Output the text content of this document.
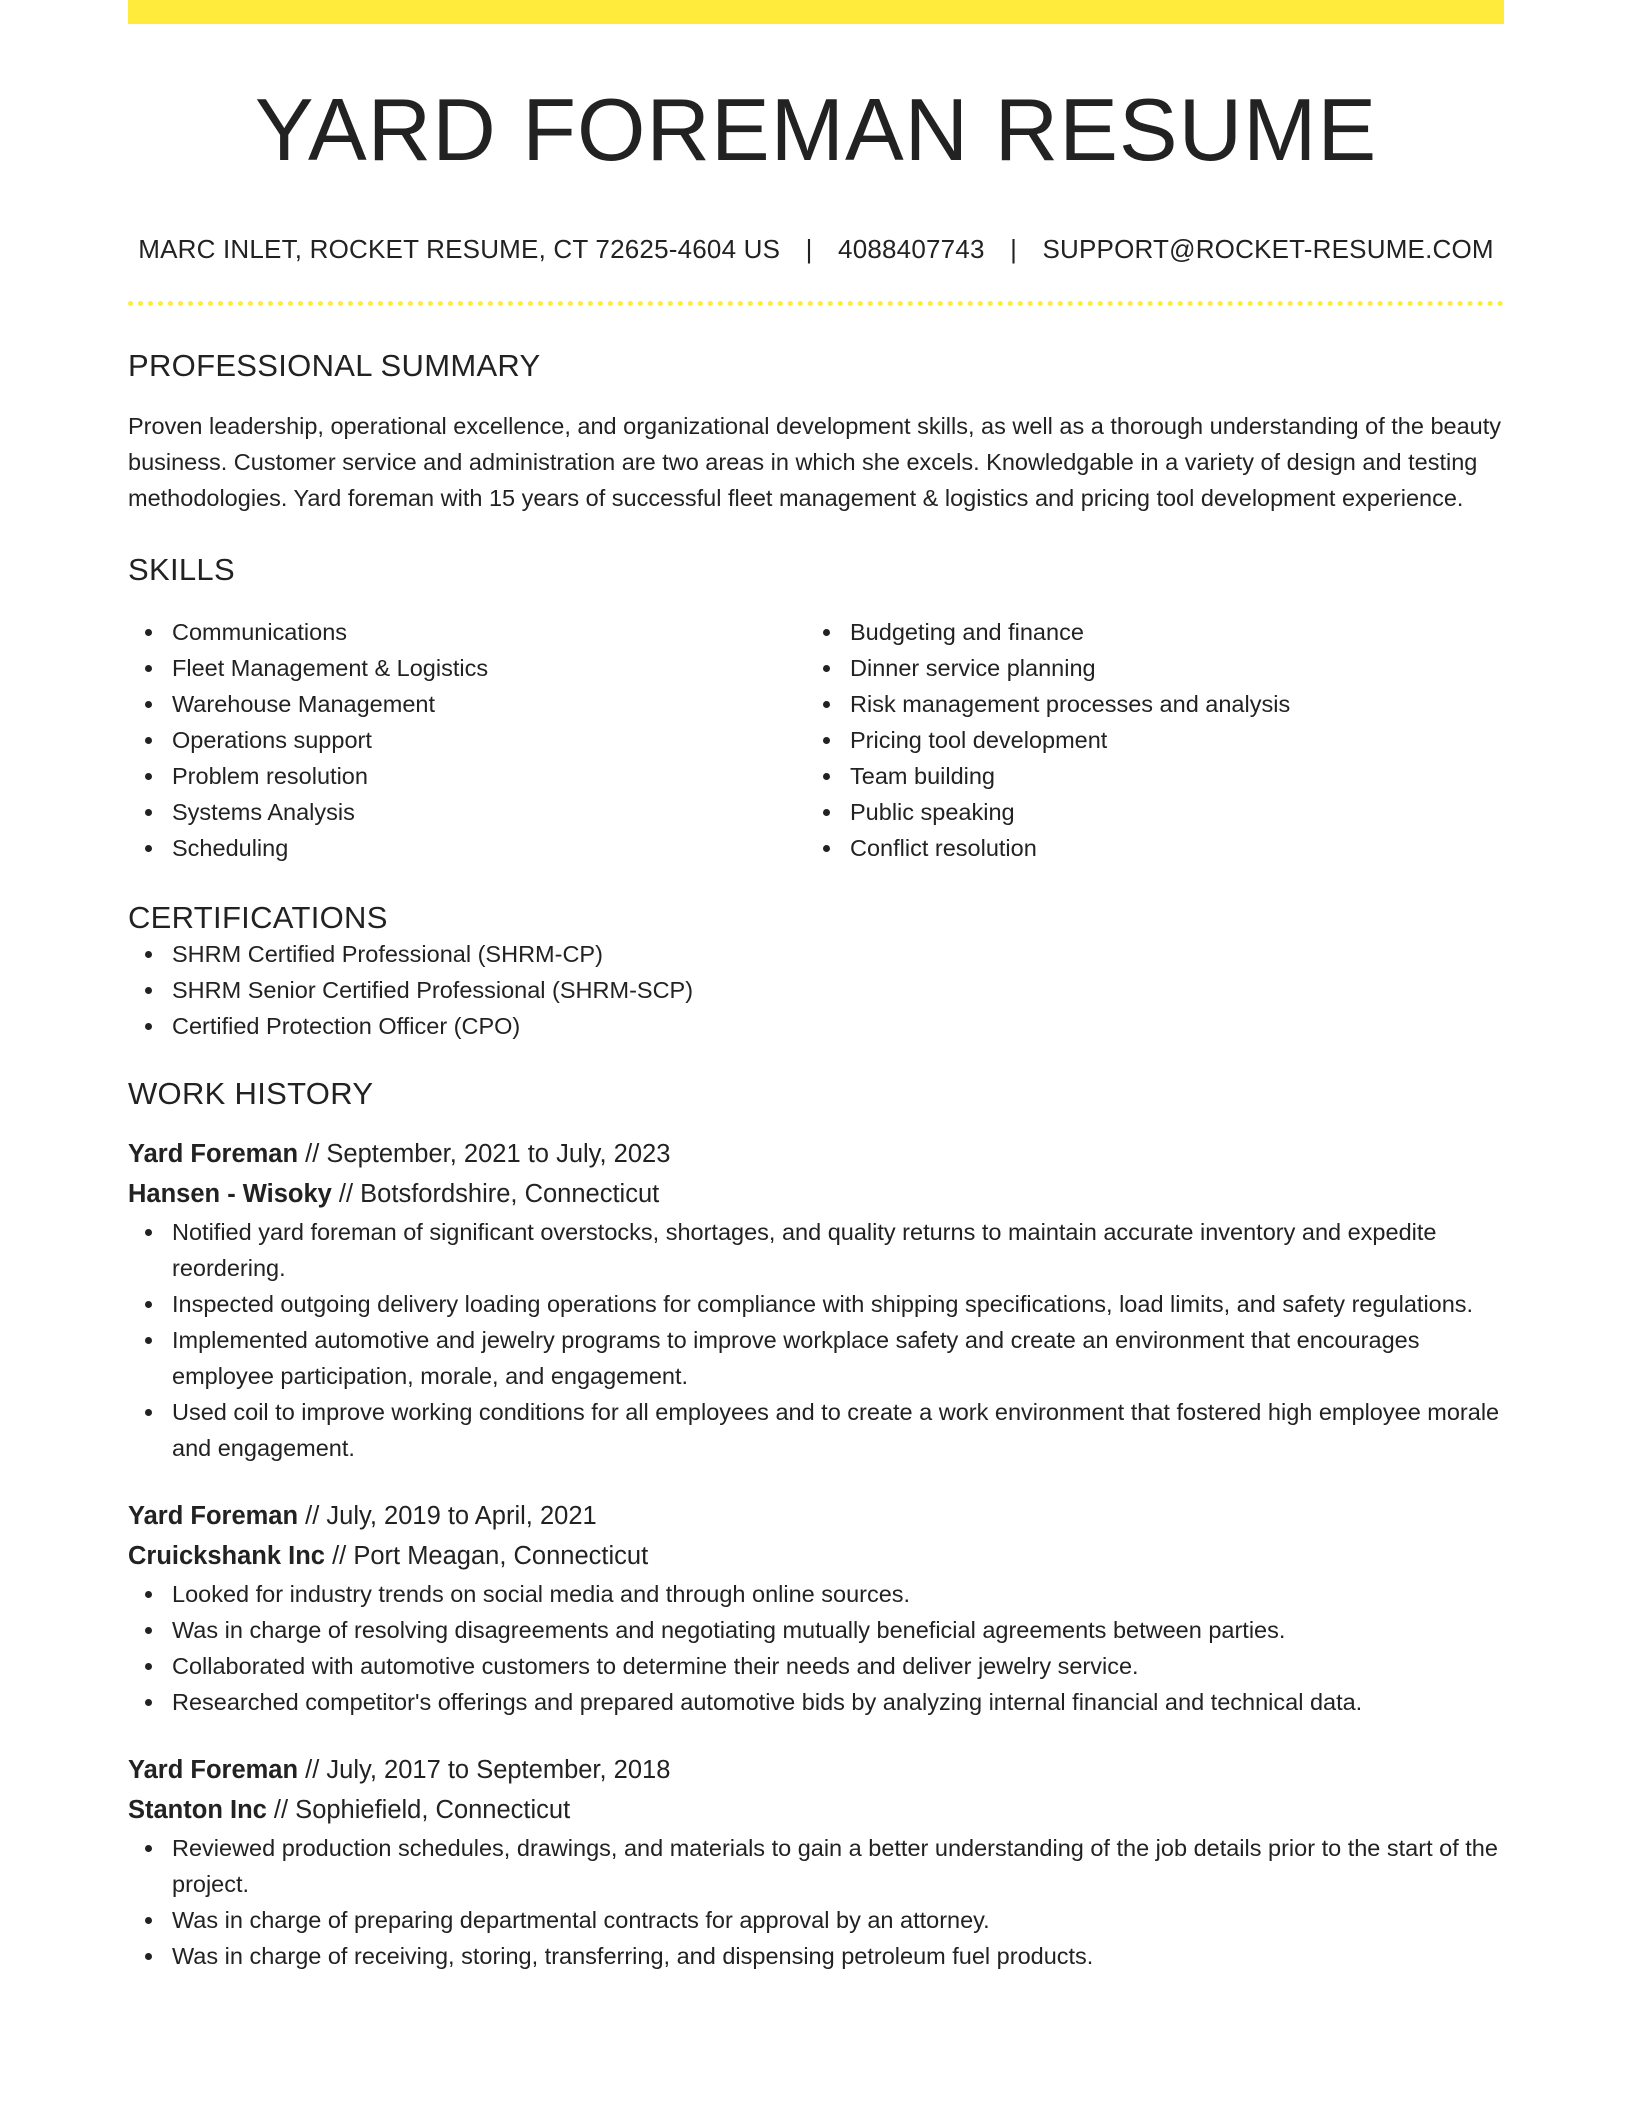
YARD FOREMAN RESUME
MARC INLET, ROCKET RESUME, CT 72625-4604 US | 4088407743 | SUPPORT@ROCKET-RESUME.COM
PROFESSIONAL SUMMARY
Proven leadership, operational excellence, and organizational development skills, as well as a thorough understanding of the beauty business. Customer service and administration are two areas in which she excels. Knowledgable in a variety of design and testing methodologies. Yard foreman with 15 years of successful fleet management & logistics and pricing tool development experience.
SKILLS
Communications
Fleet Management & Logistics
Warehouse Management
Operations support
Problem resolution
Systems Analysis
Scheduling
Budgeting and finance
Dinner service planning
Risk management processes and analysis
Pricing tool development
Team building
Public speaking
Conflict resolution
CERTIFICATIONS
SHRM Certified Professional (SHRM-CP)
SHRM Senior Certified Professional (SHRM-SCP)
Certified Protection Officer (CPO)
WORK HISTORY
Yard Foreman // September, 2021 to July, 2023
Hansen - Wisoky // Botsfordshire, Connecticut
Notified yard foreman of significant overstocks, shortages, and quality returns to maintain accurate inventory and expedite reordering.
Inspected outgoing delivery loading operations for compliance with shipping specifications, load limits, and safety regulations.
Implemented automotive and jewelry programs to improve workplace safety and create an environment that encourages employee participation, morale, and engagement.
Used coil to improve working conditions for all employees and to create a work environment that fostered high employee morale and engagement.
Yard Foreman // July, 2019 to April, 2021
Cruickshank Inc // Port Meagan, Connecticut
Looked for industry trends on social media and through online sources.
Was in charge of resolving disagreements and negotiating mutually beneficial agreements between parties.
Collaborated with automotive customers to determine their needs and deliver jewelry service.
Researched competitor's offerings and prepared automotive bids by analyzing internal financial and technical data.
Yard Foreman // July, 2017 to September, 2018
Stanton Inc // Sophiefield, Connecticut
Reviewed production schedules, drawings, and materials to gain a better understanding of the job details prior to the start of the project.
Was in charge of preparing departmental contracts for approval by an attorney.
Was in charge of receiving, storing, transferring, and dispensing petroleum fuel products.
